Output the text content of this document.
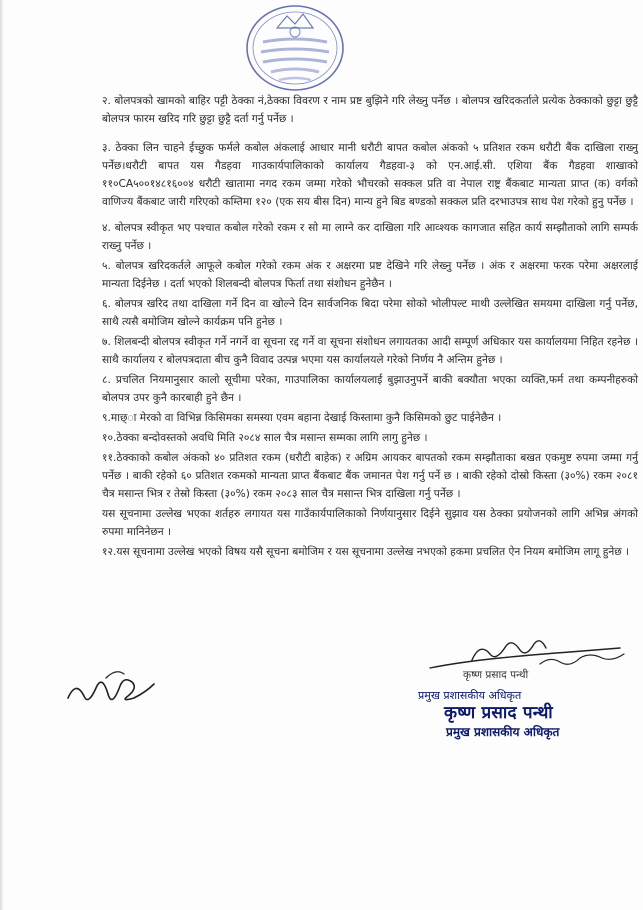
२. बोलपत्रको खामको बाहिर पट्टी ठेक्का नं,ठेक्का विवरण र नाम प्रष्ट बुझिने गरि लेख्नु पर्नेछ । बोलपत्र खरिदकर्ताले प्रत्येक ठेक्काको छुट्टा छुट्टै बोलपत्र फारम खरिद गरि छुट्टा छुट्टै दर्ता गर्नु पर्नेछ ।

३. ठेक्का लिन चाहने ईच्छुक फर्मले कबोल अंकलाई आधार मानी धरौटी बापत कबोल अंकको ५ प्रतिशत रकम धरौटी बैंक दाखिला राख्नु पर्नेछ।धरौटी बापत यस गैडहवा गाउकार्यपालिकाको कार्यालय गैडहवा-३ को एन.आई.सी. एशिया बैंक गैडहवा शाखाको ११०CA५००१४८१६००४ धरौटी खातामा नगद रकम जम्मा गरेको भौचरको सक्कल प्रति वा नेपाल राष्ट्र बैंकबाट मान्यता प्राप्त (क) वर्गको वाणिज्य बैंकबाट जारी गरिएको कम्तिमा १२० (एक सय बीस दिन) मान्य हुने बिड बण्डको सक्कल प्रति दरभाउपत्र साथ पेश गरेको हुनु पर्नेछ ।

४. बोलपत्र स्वीकृत भए पश्चात कबोल गरेको रकम र सो मा लाग्ने कर दाखिला गरि आव्श्यक कागजात सहित कार्य सम्झौताको लागि सम्पर्क राख्नु पर्नेछ ।

५. बोलपत्र खरिदकर्तले आफूले कबोल गरेको रकम अंक र अक्षरमा प्रष्ट देखिने गरि लेख्नु पर्नेछ । अंक र अक्षरमा फरक परेमा अक्षरलाई मान्यता दिईनेछ । दर्ता भएको शिलबन्दी बोलपत्र फिर्ता तथा संशोधन हुनेछैन ।

६. बोलपत्र खरिद तथा दाखिला गर्ने दिन वा खोल्ने दिन सार्वजनिक बिदा परेमा सोको भोलीपल्ट माथी उल्लेखित समयमा दाखिला गर्नु पर्नेछ, साथै त्यसै बमोजिम खोल्ने कार्यक्रम पनि हुनेछ ।

७. शिलबन्दी बोलपत्र स्वीकृत गर्ने नगर्ने वा सूचना रद्द गर्ने वा सूचना संशोधन लगायतका आदी सम्पूर्ण अधिकार यस कार्यालयमा निहित रहनेछ । साथै कार्यालय र बोलपत्रदाता बीच कुनै विवाद उत्पन्न भएमा यस कार्यालयले गरेको निर्णय नै अन्तिम हुनेछ ।

८. प्रचलित नियमानुसार कालो सूचीमा परेका, गाउपालिका कार्यालयलाई बुझाउनुपर्ने बाकी बक्यौता भएका व्यक्ति,फर्म तथा कम्पनीहरुको बोलपत्र उपर कुनै कारबाही हुने छैन ।

९.माछ्ा मेरको वा विभिन्न किसिमका समस्या एवम बहाना देखाई किस्तामा कुनै किसिमको छुट पाईनेछैन ।

१०.ठेक्का बन्दोवस्तको अवधि मिति २०८४ साल चैत्र मसान्त सम्मका लागि लागु हुनेछ ।

११.ठेक्काको कबोल अंकको ४० प्रतिशत रकम (धरौटी बाहेक) र अग्रिम आयकर बापतको रकम सम्झौताका बखत एकमुष्ट रुपमा जम्मा गर्नु पर्नेछ । बाकी रहेको ६० प्रतिशत रकमको मान्यता प्राप्त बैंकबाट बैंक जमानत पेश गर्नु पर्ने छ । बाकी रहेको दोस्रो किस्ता (३०%) रकम २०८१ चैत्र मसान्त भित्र र तेस्रो किस्ता (३०%) रकम २०८३ साल चैत्र मसान्त भित्र दाखिला गर्नु पर्नेछ ।

यस सूचनामा उल्लेख भएका शर्तहरु लगायत यस गाउँकार्यपालिकाको निर्णयानुसार दिईने सुझाव यस ठेक्का प्रयोजनको लागि अभिन्न अंगको रुपमा मानिनेछन ।

१२.यस सूचनामा उल्लेख भएको विषय यसै सूचना बमोजिम र यस सूचनामा उल्लेख नभएको हकमा प्रचलित ऐन नियम बमोजिम लागू हुनेछ ।

कृष्ण प्रसाद पन्थी
प्रमुख प्रशासकीय अधिकृत
कृष्ण प्रसाद पन्थी
प्रमुख प्रशासकीय अधिकृत
